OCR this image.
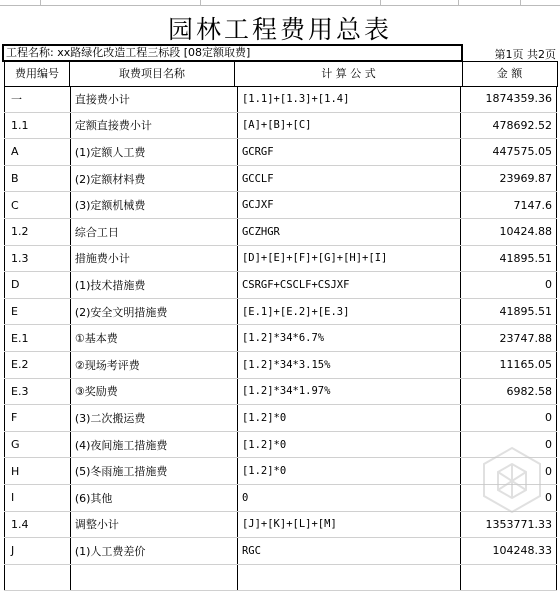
园林工程费用总表
工程名称: xx路绿化改造工程三标段 [08定额取费]	第1页 共2页
费用编号	取费项目名称	计 算 公 式	金 额
一	直接费小计	[1.1]+[1.3]+[1.4]	1874359.36
1.1	定额直接费小计	[A]+[B]+[C]	478692.52
A	(1)定额人工费	GCRGF	447575.05
B	(2)定额材料费	GCCLF	23969.87
C	(3)定额机械费	GCJXF	7147.6
1.2	综合工日	GCZHGR	10424.88
1.3	措施费小计	[D]+[E]+[F]+[G]+[H]+[I]	41895.51
D	(1)技术措施费	CSRGF+CSCLF+CSJXF	0
E	(2)安全文明措施费	[E.1]+[E.2]+[E.3]	41895.51
E.1	①基本费	[1.2]*34*6.7%	23747.88
E.2	②现场考评费	[1.2]*34*3.15%	11165.05
E.3	③奖励费	[1.2]*34*1.97%	6982.58
F	(3)二次搬运费	[1.2]*0	0
G	(4)夜间施工措施费	[1.2]*0	0
H	(5)冬雨施工措施费	[1.2]*0	0
I	(6)其他	0	0
1.4	调整小计	[J]+[K]+[L]+[M]	1353771.33
J	(1)人工费差价	RGC	104248.33
